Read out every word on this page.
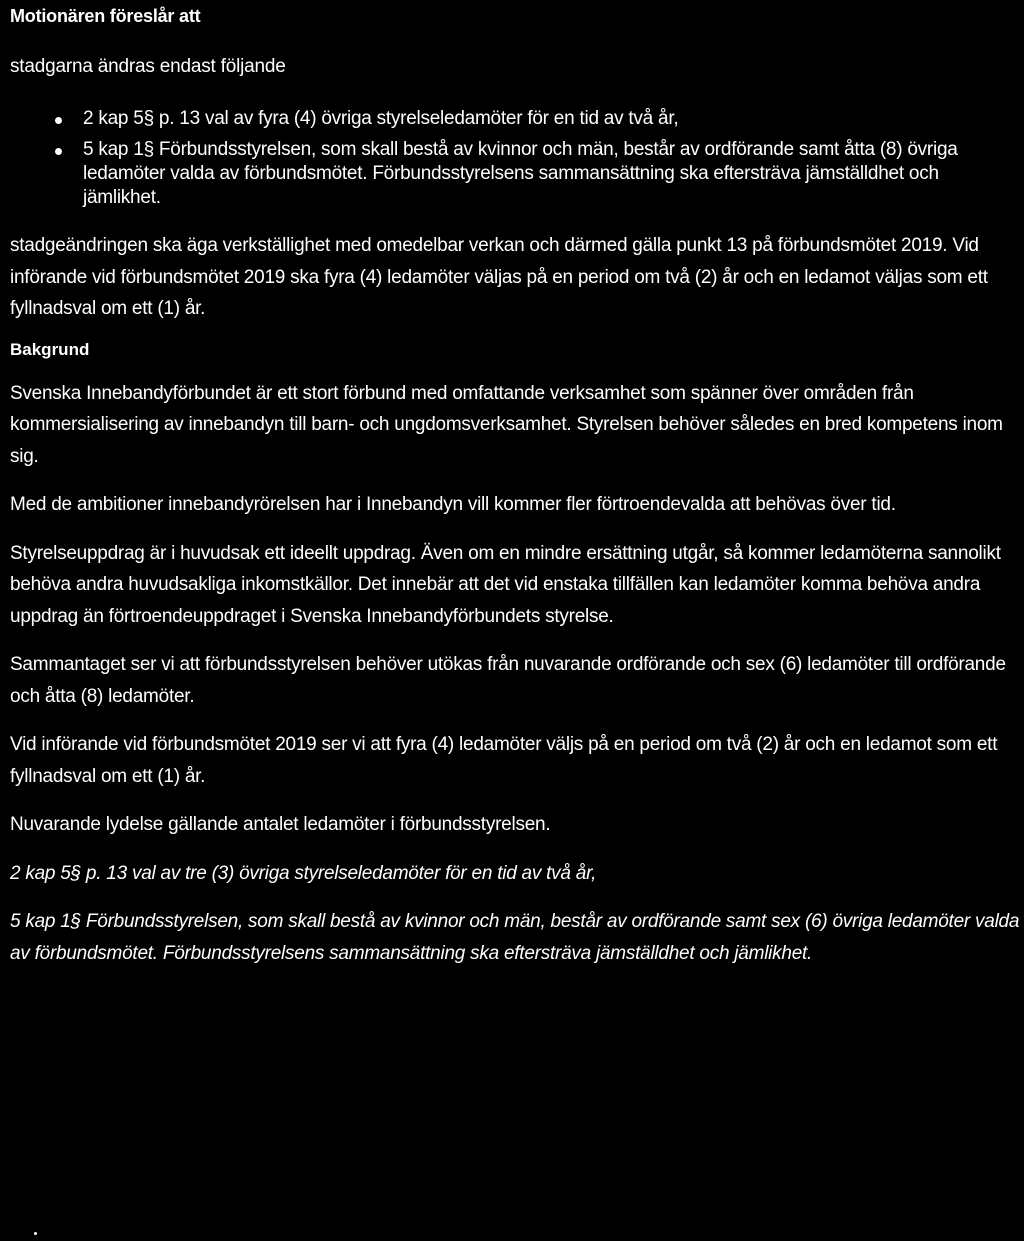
Motionären föreslår att
stadgarna ändras endast följande
2 kap 5§ p. 13 val av fyra (4) övriga styrelseledamöter för en tid av två år,
5 kap 1§ Förbundsstyrelsen, som skall bestå av kvinnor och män, består av ordförande samt åtta (8) övriga ledamöter valda av förbundsmötet. Förbundsstyrelsens sammansättning ska eftersträva jämställdhet och jämlikhet.

stadgeändringen ska äga verkställighet med omedelbar verkan och därmed gälla punkt 13 på förbundsmötet 2019. Vid införande vid förbundsmötet 2019 ska fyra (4) ledamöter väljas på en period om två (2) år och en ledamot väljas som ett fyllnadsval om ett (1) år.

Bakgrund

Svenska Innebandyförbundet är ett stort förbund med omfattande verksamhet som spänner över områden från kommersialisering av innebandyn till barn- och ungdomsverksamhet. Styrelsen behöver således en bred kompetens inom sig.

Med de ambitioner innebandyrörelsen har i Innebandyn vill kommer fler förtroendevalda att behövas över tid.

Styrelseuppdrag är i huvudsak ett ideellt uppdrag. Även om en mindre ersättning utgår, så kommer ledamöterna sannolikt behöva andra huvudsakliga inkomstkällor. Det innebär att det vid enstaka tillfällen kan ledamöter komma behöva andra uppdrag än förtroendeuppdraget i Svenska Innebandyförbundets styrelse.

Sammantaget ser vi att förbundsstyrelsen behöver utökas från nuvarande ordförande och sex (6) ledamöter till ordförande och åtta (8) ledamöter.

Vid införande vid förbundsmötet 2019 ser vi att fyra (4) ledamöter väljs på en period om två (2) år och en ledamot som ett fyllnadsval om ett (1) år.

Nuvarande lydelse gällande antalet ledamöter i förbundsstyrelsen.

2 kap 5§ p. 13 val av tre (3) övriga styrelseledamöter för en tid av två år,

5 kap 1§ Förbundsstyrelsen, som skall bestå av kvinnor och män, består av ordförande samt sex (6) övriga ledamöter valda av förbundsmötet. Förbundsstyrelsens sammansättning ska eftersträva jämställdhet och jämlikhet.
